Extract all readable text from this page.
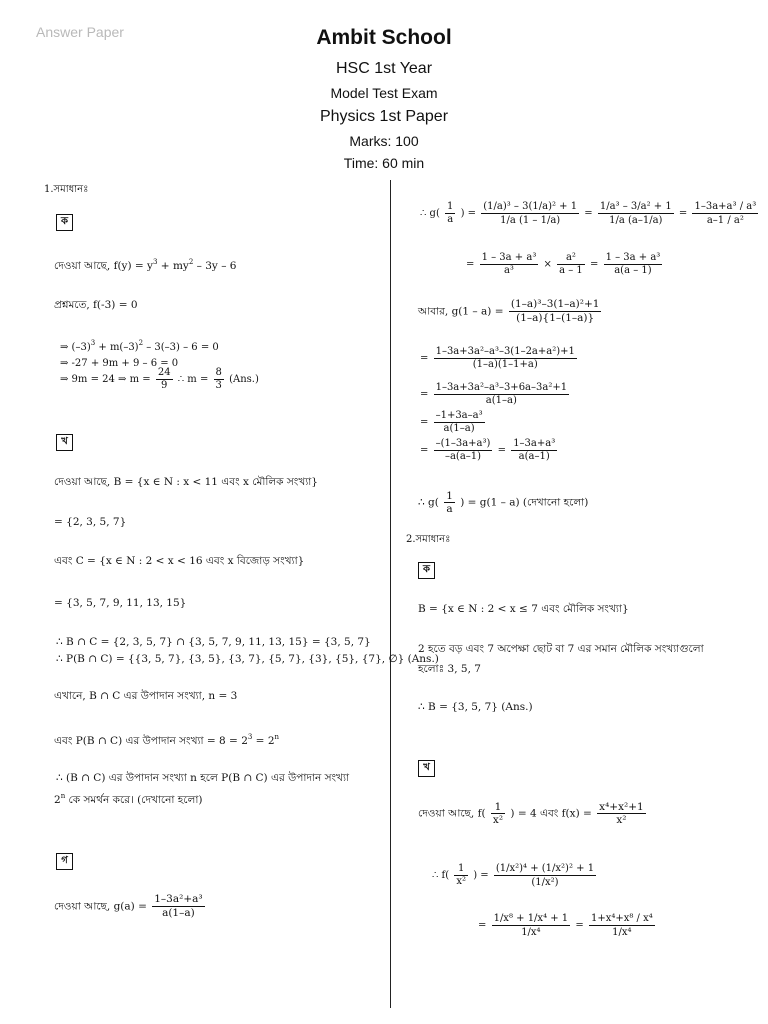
Answer Paper	Ambit School
HSC 1st Year
Model Test Exam
Physics 1st Paper
Marks: 100
Time: 60 min
1.সমাধানঃ
ক
দেওয়া আছে, $f(y) = y^3 + my^2 - 3y - 6$
প্রশ্নমতে, f(-3) = 0
⇒ $(-3)^3 + m(-3)^2 - 3(-3) - 6 = 0$
⇒ -27 + 9m + 9 – 6 = 0
⇒ 9m = 24 ⇒ $m = \frac{24}{9}$ ∴ $m = \frac{8}{3} (Ans.)$
খ
দেওয়া আছে, B = {x ∈ N : x < 11 এবং x মৌলিক সংখ্যা}
= {2, 3, 5, 7}
এবং C = {x ∈ N : 2 < x < 16 এবং x বিজোড় সংখ্যা}
= {3, 5, 7, 9, 11, 13, 15}
∴ B ∩ C = {2, 3, 5, 7} ∩ {3, 5, 7, 9, 11, 13, 15} = {3, 5, 7}
∴ P(B ∩ C) = {{3, 5, 7}, {3, 5}, {3, 7}, {5, 7}, {3}, {5}, {7}, ∅} (Ans.)
এখানে, B ∩ C এর উপাদান সংখ্যা, n = 3
এবং P(B ∩ C) এর উপাদান সংখ্যা = $8 = 2^3 = 2^n$
∴ (B ∩ C) এর উপাদান সংখ্যা n হলে P(B ∩ C) এর উপাদান সংখ্যা
2$^n$ কে সমর্থন করে। (দেখানো হলো)
গ
দেওয়া আছে, $g(a) = \frac{\text{1–3a²+a³}}{a(1-a)}$
∴ $g( \frac{1}{a}$ ) = $\frac{\text{(1/a)³ – 3(1/a)² + 1}}{1/a (1 - 1/a)} = \frac{\text{1/a³ – 3/a² + 1}}{1/a (a-1/a)} = \frac{\text{1–3a+a³ / a³}}{\text{a–1 / a²}}$
= $\frac{\text{1 – 3a + a³}}{\text{a³}} \times \frac{\text{a²}}{a - 1} = \frac{\text{1 – 3a + a³}}{a(a - 1)}$
আবার, $g(1 - a) = \frac{\text{(1–a)³–3(1–a)²+1}}{(1-a)\{1-(1-a)\}}$
= $\frac{\text{1–3a+3a²–a³–3(1–2a+a²)+1}}{(1-a)(1-1+a)}$
= $\frac{\text{1–3a+3a²–a³–3+6a–3a²+1}}{a(1-a)}$
= $\frac{\text{–1+3a–a³}}{a(1-a)}$
= $\frac{\text{–(1–3a+a³)}}{-a(a-1)} = \frac{\text{1–3a+a³}}{a(a-1)}$
∴ $g( \frac{1}{a}$ ) = g(1 – a) (দেখানো হলো)
2.সমাধানঃ
ক
B = {x ∈ N : 2 < x ≤ 7 এবং মৌলিক সংখ্যা}
2 হতে বড় এবং 7 অপেক্ষা ছোট বা 7 এর সমান মৌলিক সংখ্যাগুলো
হলোঃ 3, 5, 7
∴ B = {3, 5, 7} (Ans.)
খ
দেওয়া আছে, $f( \frac{1}{\text{x²}}$ ) = 4 এবং $f(x) = \frac{\text{x⁴+x²+1}}{\text{x²}}$
∴ $f( \frac{1}{\text{x²}}$ ) = $\frac{\text{(1/x²)⁴ + (1/x²)² + 1}}{\text{(1/x²)}}$
= $\frac{\text{1/x⁸ + 1/x⁴ + 1}}{\text{1/x⁴}} = \frac{\text{1+x⁴+x⁸ / x⁴}}{\text{1/x⁴}}$
